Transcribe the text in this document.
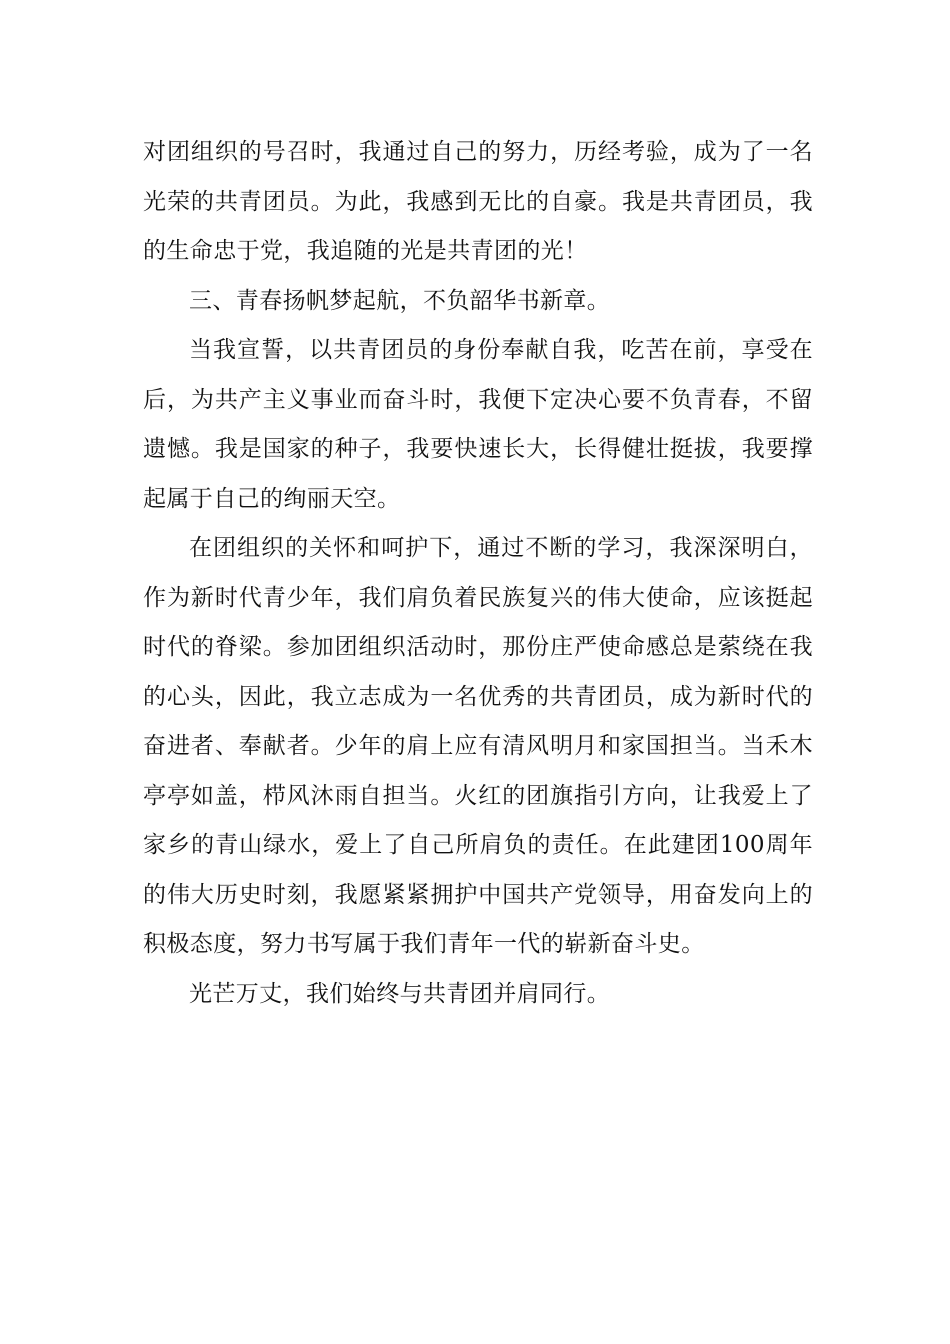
对团组织的号召时，我通过自己的努力，历经考验，成为了一名光荣的共青团员。为此，我感到无比的自豪。我是共青团员，我的生命忠于党，我追随的光是共青团的光！

三、青春扬帆梦起航，不负韶华书新章。

当我宣誓，以共青团员的身份奉献自我，吃苦在前，享受在后，为共产主义事业而奋斗时，我便下定决心要不负青春，不留遗憾。我是国家的种子，我要快速长大，长得健壮挺拔，我要撑起属于自己的绚丽天空。

在团组织的关怀和呵护下，通过不断的学习，我深深明白，作为新时代青少年，我们肩负着民族复兴的伟大使命，应该挺起时代的脊梁。参加团组织活动时，那份庄严使命感总是萦绕在我的心头，因此，我立志成为一名优秀的共青团员，成为新时代的奋进者、奉献者。少年的肩上应有清风明月和家国担当。当禾木亭亭如盖，栉风沐雨自担当。火红的团旗指引方向，让我爱上了家乡的青山绿水，爱上了自己所肩负的责任。在此建团100周年的伟大历史时刻，我愿紧紧拥护中国共产党领导，用奋发向上的积极态度，努力书写属于我们青年一代的崭新奋斗史。

光芒万丈，我们始终与共青团并肩同行。
